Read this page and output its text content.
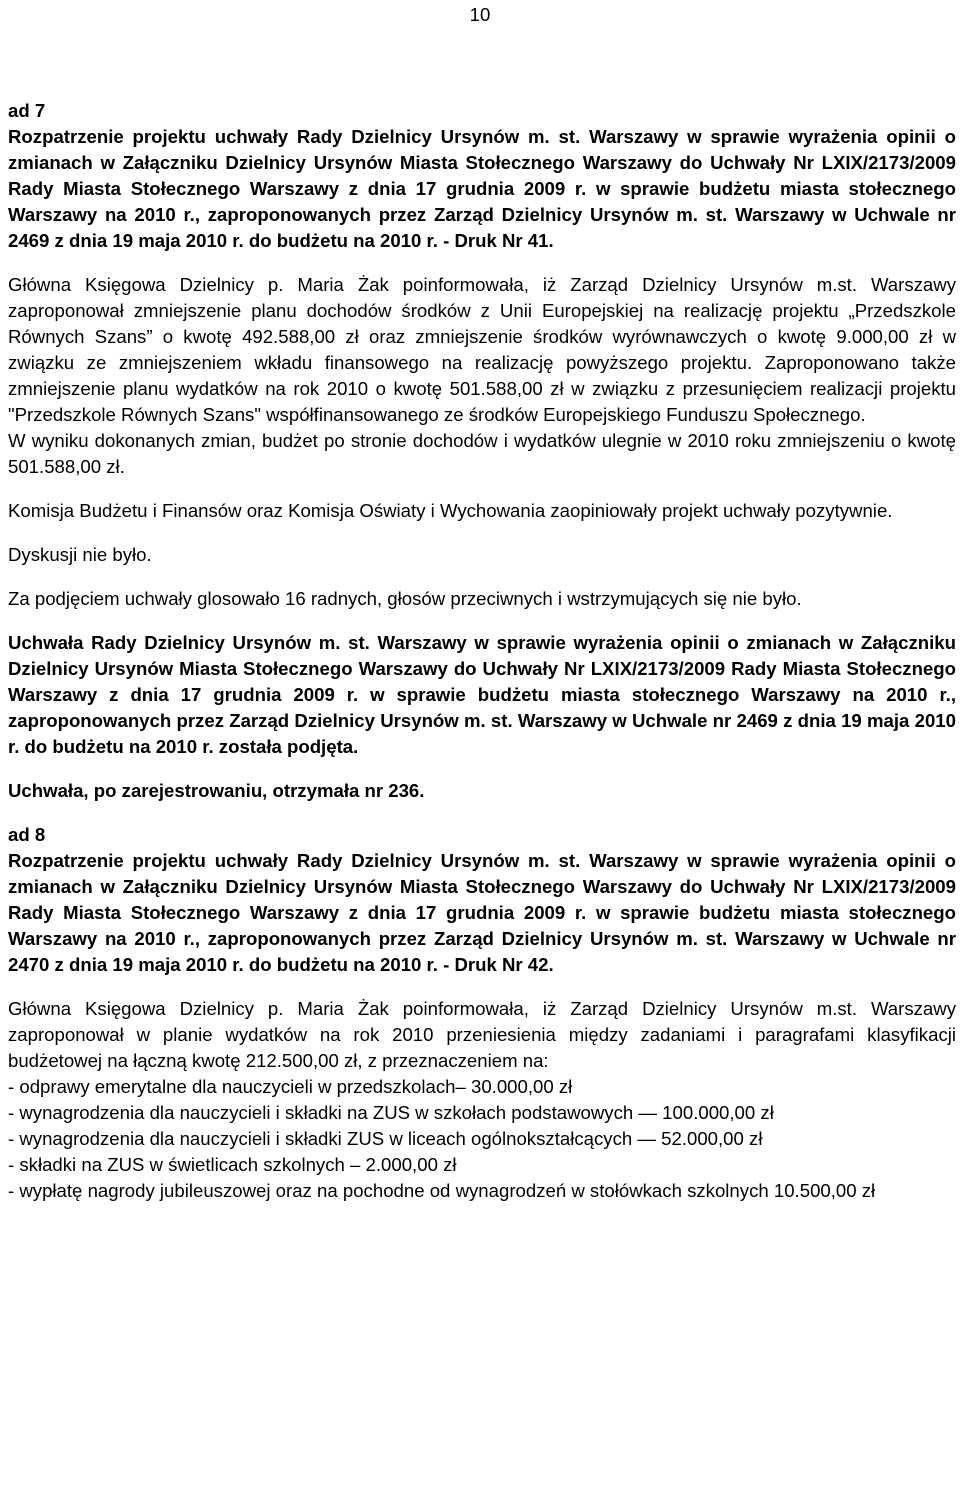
10

ad 7

Rozpatrzenie projektu uchwały Rady Dzielnicy Ursynów m. st. Warszawy w sprawie wyrażenia opinii o zmianach w Załączniku Dzielnicy Ursynów Miasta Stołecznego Warszawy do Uchwały Nr LXIX/2173/2009 Rady Miasta Stołecznego Warszawy z dnia 17 grudnia 2009 r. w sprawie budżetu miasta stołecznego Warszawy na 2010 r., zaproponowanych przez Zarząd Dzielnicy Ursynów m. st. Warszawy w Uchwale nr 2469 z dnia 19 maja 2010 r. do budżetu na 2010 r. - Druk Nr 41.

Główna Księgowa Dzielnicy p. Maria Żak poinformowała, iż Zarząd Dzielnicy Ursynów m.st. Warszawy zaproponował zmniejszenie planu dochodów środków z Unii Europejskiej na realizację projektu „Przedszkole Równych Szans” o kwotę 492.588,00 zł oraz zmniejszenie środków wyrównawczych o kwotę 9.000,00 zł w związku ze zmniejszeniem wkładu finansowego na realizację powyższego projektu. Zaproponowano także zmniejszenie planu wydatków na rok 2010 o kwotę 501.588,00 zł w związku z przesunięciem realizacji projektu "Przedszkole Równych Szans" współfinansowanego ze środków Europejskiego Funduszu Społecznego.

W wyniku dokonanych zmian, budżet po stronie dochodów i wydatków ulegnie w 2010 roku zmniejszeniu o kwotę 501.588,00 zł.

Komisja Budżetu i Finansów oraz Komisja Oświaty i Wychowania zaopiniowały projekt uchwały pozytywnie.

Dyskusji nie było.

Za podjęciem uchwały glosowało 16 radnych, głosów przeciwnych i wstrzymujących się nie było.

Uchwała Rady Dzielnicy Ursynów m. st. Warszawy w sprawie wyrażenia opinii o zmianach w Załączniku Dzielnicy Ursynów Miasta Stołecznego Warszawy do Uchwały Nr LXIX/2173/2009 Rady Miasta Stołecznego Warszawy z dnia 17 grudnia 2009 r. w sprawie budżetu miasta stołecznego Warszawy na 2010 r., zaproponowanych przez Zarząd Dzielnicy Ursynów m. st. Warszawy w Uchwale nr 2469 z dnia 19 maja 2010 r. do budżetu na 2010 r. została podjęta.

Uchwała, po zarejestrowaniu, otrzymała nr 236.

ad 8

Rozpatrzenie projektu uchwały Rady Dzielnicy Ursynów m. st. Warszawy w sprawie wyrażenia opinii o zmianach w Załączniku Dzielnicy Ursynów Miasta Stołecznego Warszawy do Uchwały Nr LXIX/2173/2009 Rady Miasta Stołecznego Warszawy z dnia 17 grudnia 2009 r. w sprawie budżetu miasta stołecznego Warszawy na 2010 r., zaproponowanych przez Zarząd Dzielnicy Ursynów m. st. Warszawy w Uchwale nr 2470 z dnia 19 maja 2010 r. do budżetu na 2010 r. - Druk Nr 42.

Główna Księgowa Dzielnicy p. Maria Żak poinformowała, iż Zarząd Dzielnicy Ursynów m.st. Warszawy zaproponował w planie wydatków na rok 2010 przeniesienia między zadaniami i paragrafami klasyfikacji budżetowej na łączną kwotę 212.500,00 zł, z przeznaczeniem na:

- odprawy emerytalne dla nauczycieli w przedszkolach– 30.000,00 zł

- wynagrodzenia dla nauczycieli i składki na ZUS w szkołach podstawowych — 100.000,00 zł

- wynagrodzenia dla nauczycieli i składki ZUS w liceach ogólnokształcących — 52.000,00 zł

- składki na ZUS w świetlicach szkolnych – 2.000,00 zł

- wypłatę nagrody jubileuszowej oraz na pochodne od wynagrodzeń w stołówkach szkolnych 10.500,00 zł
